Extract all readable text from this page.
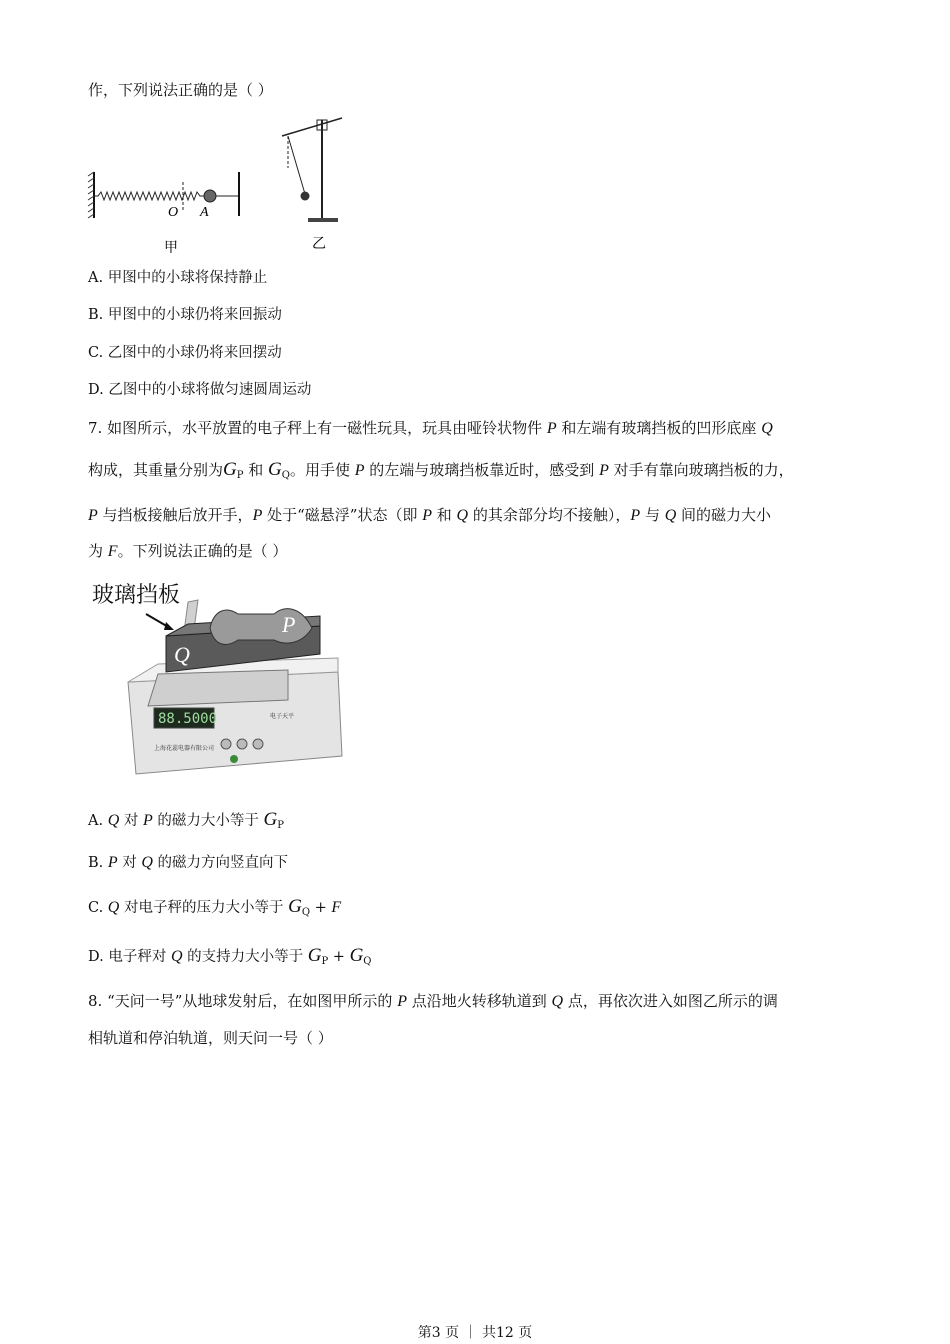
作，下列说法正确的是（ ）
O A
甲	乙
A. 甲图中的小球将保持静止
B. 甲图中的小球仍将来回振动
C. 乙图中的小球仍将来回摆动
D. 乙图中的小球将做匀速圆周运动
7. 如图所示，水平放置的电子秤上有一磁性玩具，玩具由哑铃状物件 P 和左端有玻璃挡板的凹形底座 Q
构成，其重量分别为$G_P$ 和 $G_Q$。用手使 P 的左端与玻璃挡板靠近时，感受到 P 对手有靠向玻璃挡板的力，
P 与挡板接触后放开手，P 处于“磁悬浮”状态（即 P 和 Q 的其余部分均不接触），P 与 Q 间的磁力大小
为 F。下列说法正确的是（ ）
玻璃挡板
88.5000
上海花蕊电器有限公司
电子天平
Q
P
A. Q 对 P 的磁力大小等于 $G_P$
B. P 对 Q 的磁力方向竖直向下
C. Q 对电子秤的压力大小等于 $G_Q + F$
D. 电子秤对 Q 的支持力大小等于 $G_P + G_Q$
8. “天问一号”从地球发射后，在如图甲所示的 P 点沿地火转移轨道到 Q 点，再依次进入如图乙所示的调
相轨道和停泊轨道，则天问一号（ ）
第3 页 ｜ 共12 页
